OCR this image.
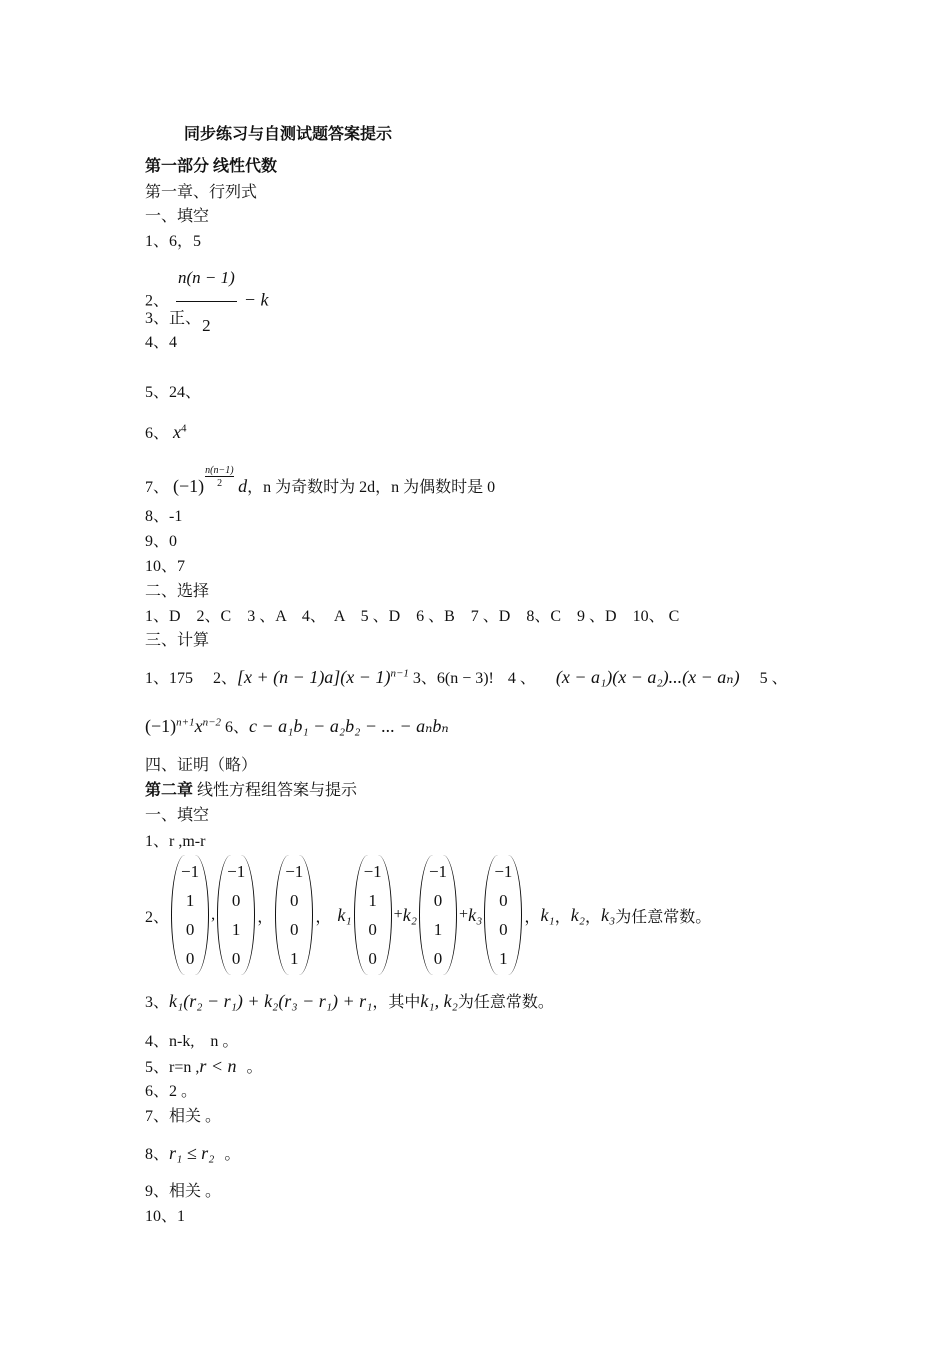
同步练习与自测试题答案提示
第一部分 线性代数
第一章、行列式
一、填空
1、6，5
2、 $\frac{n(n - 1)}{2} - k$
3、正、
4、4
5、24、
6、 $x^4$
7、 $(-1) \frac{n(n-1)}{2}$ d，n 为奇数时为 2d，n 为偶数时是 0
8、-1
9、0
10、7
二、选择
1、D　2、C　3 、A　4、　A　5 、D　6 、B　7 、D　8、C　9 、D　10、 C
三、计算
1、175 2、$[x + (n - 1)a](x - 1)^{n-1}$ 3、6(n − 3)! 4 、 (x − a₁)(x − a₂)...(x − aₙ) 5 、
$(-1)^{n+1}x^{n-2}$ 6、c − a₁b₁ − a₂b₂ − ... − aₙbₙ
四、证明（略）
第二章 线性方程组答案与提示
一、填空
1、r ,m-r
2、
−1
1
0
0
,
−1
0
1
0
，
−1
0
0
1
， k₁
−1
1
0
0
+ k₂
−1
0
1
0
+ k₃
−1
0
0
1
， k₁ ， k₂ ， k₃ 为任意常数。
3、k₁(r₂ − r₁) + k₂(r₃ − r₁) + r₁，其中k₁, k₂为任意常数。
4、n-k,　n 。
5、r=n ,r < n 。
6、2 。
7、相关 。
8、r₁ ≤ r₂ 。
9、相关 。
10、1
